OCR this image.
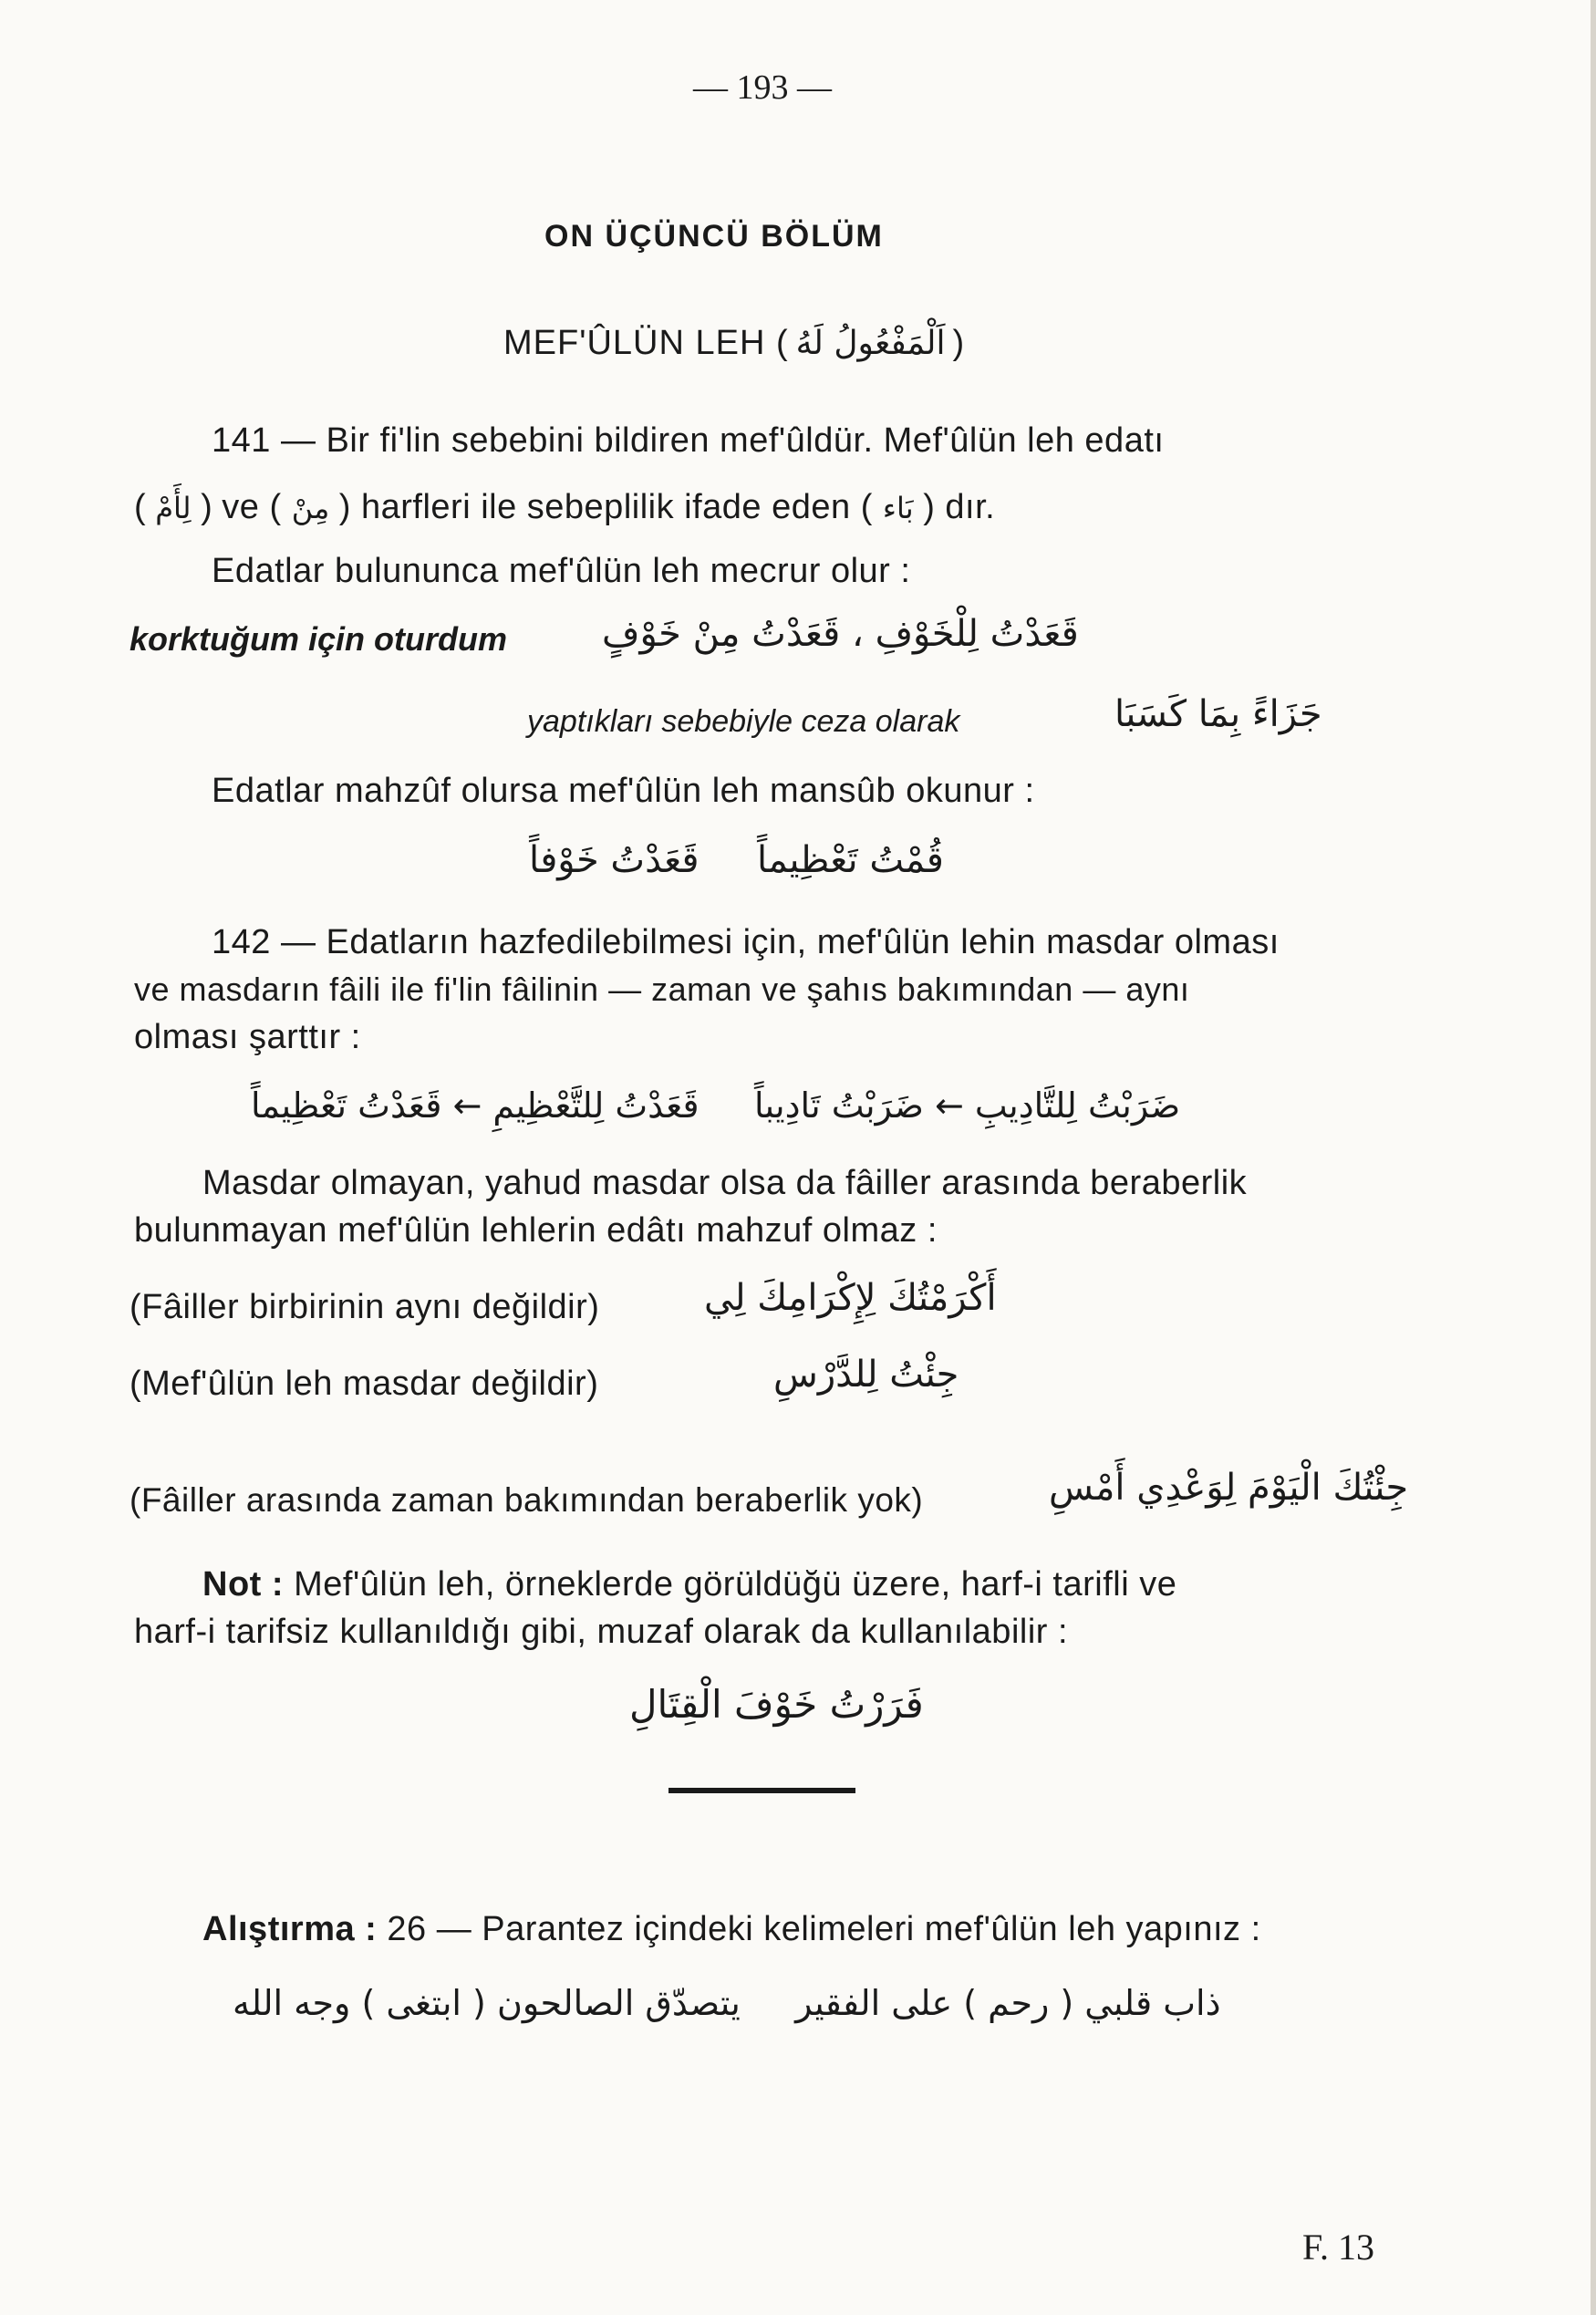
— 193 —
ON ÜÇÜNCÜ BÖLÜM
MEF'ÛLÜN LEH ( اَلْمَفْعُولُ لَهُ )
141 — Bir fi'lin sebebini bildiren mef'ûldür. Mef'ûlün leh edatı
( لِأَمْ ) ve ( مِنْ ) harfleri ile sebeplilik ifade eden ( بَاء ) dır.
Edatlar bulununca mef'ûlün leh mecrur olur :
korktuğum için oturdum	قَعَدْتُ لِلْخَوْفِ ، قَعَدْتُ مِنْ خَوْفٍ
yaptıkları sebebiyle ceza olarak	جَزَاءً بِمَا كَسَبَا
Edatlar mahzûf olursa mef'ûlün leh mansûb okunur :
قُمْتُ تَعْظِيماً     قَعَدْتُ خَوْفاً
142 — Edatların hazfedilebilmesi için, mef'ûlün lehin masdar olması
ve masdarın fâili ile fi'lin fâilinin — zaman ve şahıs bakımından — aynı
olması şarttır :
ضَرَبْتُ لِلتَّادِيبِ ← ضَرَبْتُ تَادِيباً     قَعَدْتُ لِلتَّعْظِيمِ ← قَعَدْتُ تَعْظِيماً
Masdar olmayan, yahud masdar olsa da fâiller arasında beraberlik
bulunmayan mef'ûlün lehlerin edâtı mahzuf olmaz :
(Fâiller birbirinin aynı değildir)	أَكْرَمْتُكَ لِإِكْرَامِكَ لِي
(Mef'ûlün leh masdar değildir)	جِئْتُ لِلدَّرْسِ
(Fâiller arasında zaman bakımından beraberlik yok)	جِئْتُكَ الْيَوْمَ لِوَعْدِي أَمْسِ
Not : Mef'ûlün leh, örneklerde görüldüğü üzere, harf-i tarifli ve
harf-i tarifsiz kullanıldığı gibi, muzaf olarak da kullanılabilir :
فَرَرْتُ خَوْفَ الْقِتَالِ
Alıştırma : 26 — Parantez içindeki kelimeleri mef'ûlün leh yapınız :
ذاب قلبي ( رحم ) على الفقير     يتصدّق الصالحون ( ابتغى ) وجه الله
F. 13
